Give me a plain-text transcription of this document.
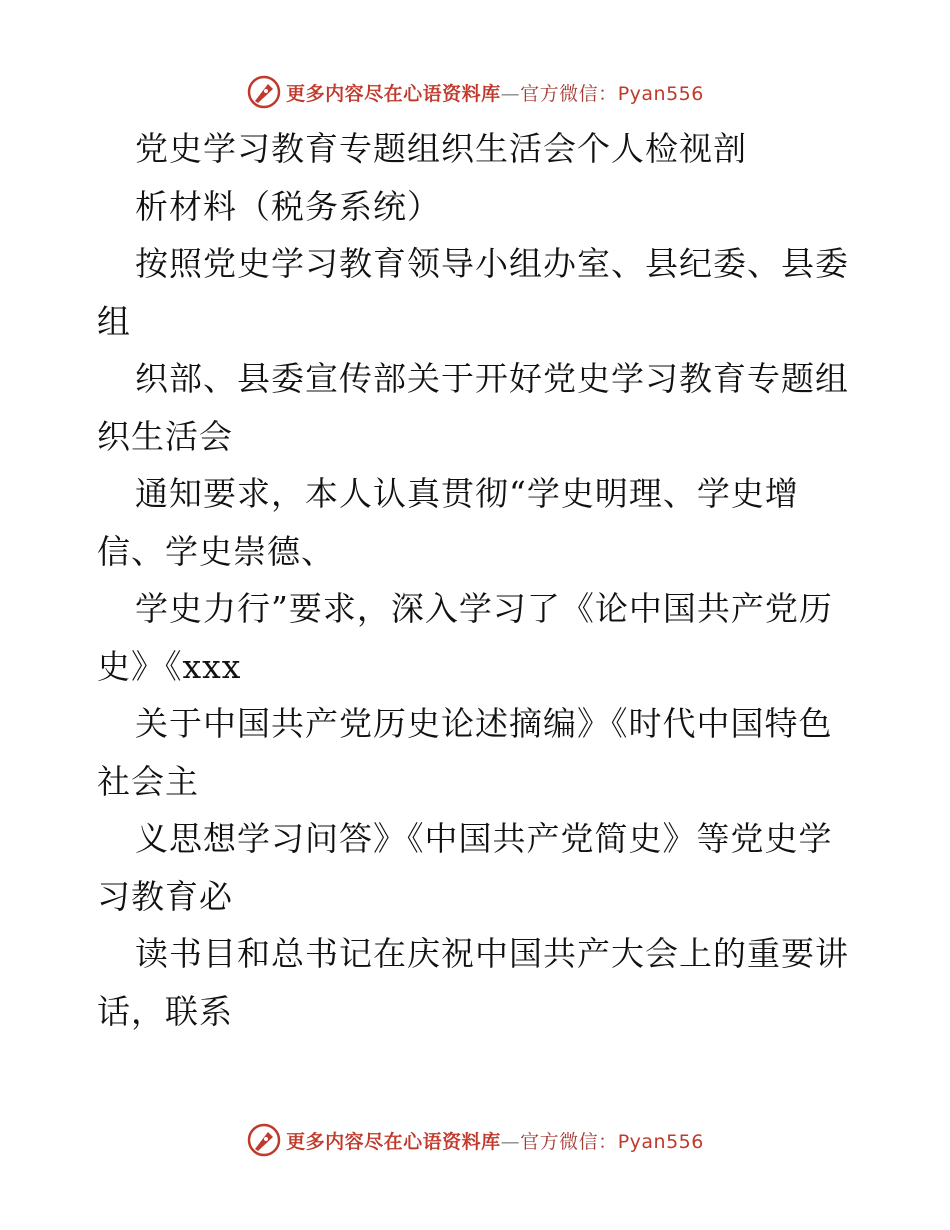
更多内容尽在心语资料库—官方微信：Pyan556
党史学习教育专题组织生活会个人检视剖
析材料（税务系统）
按照党史学习教育领导小组办室、县纪委、县委
组
织部、县委宣传部关于开好党史学习教育专题组
织生活会
通知要求，本人认真贯彻“学史明理、学史增
信、学史崇德、
学史力行”要求，深入学习了《论中国共产党历
史》《xxx
关于中国共产党历史论述摘编》《时代中国特色
社会主
义思想学习问答》《中国共产党简史》等党史学
习教育必
读书目和总书记在庆祝中国共产大会上的重要讲
话，联系
更多内容尽在心语资料库—官方微信：Pyan556
